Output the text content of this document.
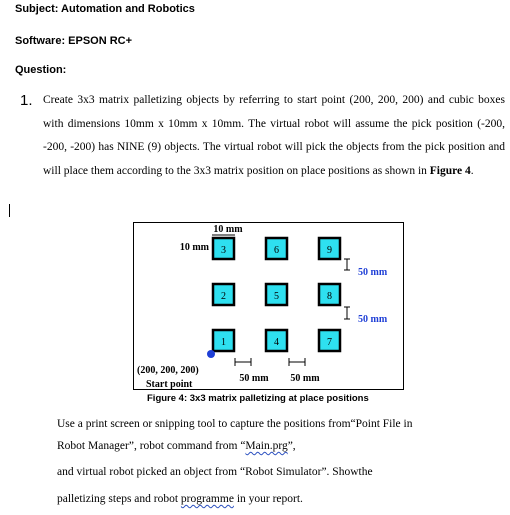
Subject: Automation and Robotics
Software: EPSON RC+
Question:
1. Create 3x3 matrix palletizing objects by referring to start point (200, 200, 200) and cubic boxes with dimensions 10mm x 10mm x 10mm. The virtual robot will assume the pick position (-200, -200, -200) has NINE (9) objects. The virtual robot will pick the objects from the pick position and will place them according to the 3x3 matrix position on place positions as shown in Figure 4.
3	6	9
2	5	8
1	4	7
10 mm
10 mm
50 mm
50 mm
50 mm 50 mm
(200, 200, 200)
Start point
Figure 4: 3x3 matrix palletizing at place positions
Use a print screen or snipping tool to capture the positions from“Point File in
Robot Manager”, robot command from “Main.prg”,
and virtual robot picked an object from “Robot Simulator”. Showthe
palletizing steps and robot programme in your report.
